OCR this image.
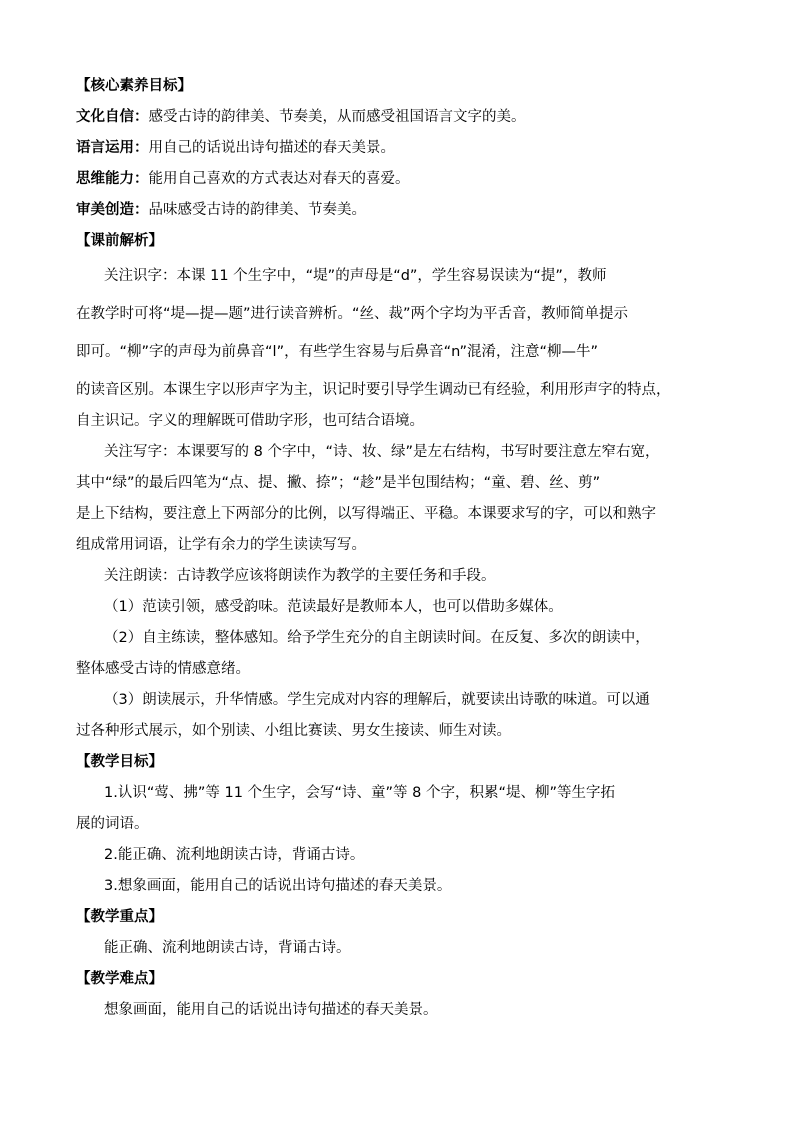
【核心素养目标】
文化自信：感受古诗的韵律美、节奏美，从而感受祖国语言文字的美。
语言运用：用自己的话说出诗句描述的春天美景。
思维能力：能用自己喜欢的方式表达对春天的喜爱。
审美创造：品味感受古诗的韵律美、节奏美。
【课前解析】
关注识字：本课 11 个生字中，“堤”的声母是“d”，学生容易误读为“提”，教师
在教学时可将“堤—提—题”进行读音辨析。“丝、裁”两个字均为平舌音，教师简单提示
即可。“柳”字的声母为前鼻音“l”，有些学生容易与后鼻音“n”混淆，注意“柳—牛”
的读音区别。本课生字以形声字为主，识记时要引导学生调动已有经验，利用形声字的特点，
自主识记。字义的理解既可借助字形，也可结合语境。
关注写字：本课要写的 8 个字中，“诗、妆、绿”是左右结构，书写时要注意左窄右宽，
其中“绿”的最后四笔为“点、提、撇、捺”；“趁”是半包围结构；“童、碧、丝、剪”
是上下结构，要注意上下两部分的比例，以写得端正、平稳。本课要求写的字，可以和熟字
组成常用词语，让学有余力的学生读读写写。
关注朗读：古诗教学应该将朗读作为教学的主要任务和手段。
（1）范读引领，感受韵味。范读最好是教师本人，也可以借助多媒体。
（2）自主练读，整体感知。给予学生充分的自主朗读时间。在反复、多次的朗读中，
整体感受古诗的情感意绪。
（3）朗读展示，升华情感。学生完成对内容的理解后，就要读出诗歌的味道。可以通
过各种形式展示，如个别读、小组比赛读、男女生接读、师生对读。
【教学目标】
1.认识“莺、拂”等 11 个生字，会写“诗、童”等 8 个字，积累“堤、柳”等生字拓
展的词语。
2.能正确、流利地朗读古诗，背诵古诗。
3.想象画面，能用自己的话说出诗句描述的春天美景。
【教学重点】
能正确、流利地朗读古诗，背诵古诗。
【教学难点】
想象画面，能用自己的话说出诗句描述的春天美景。
